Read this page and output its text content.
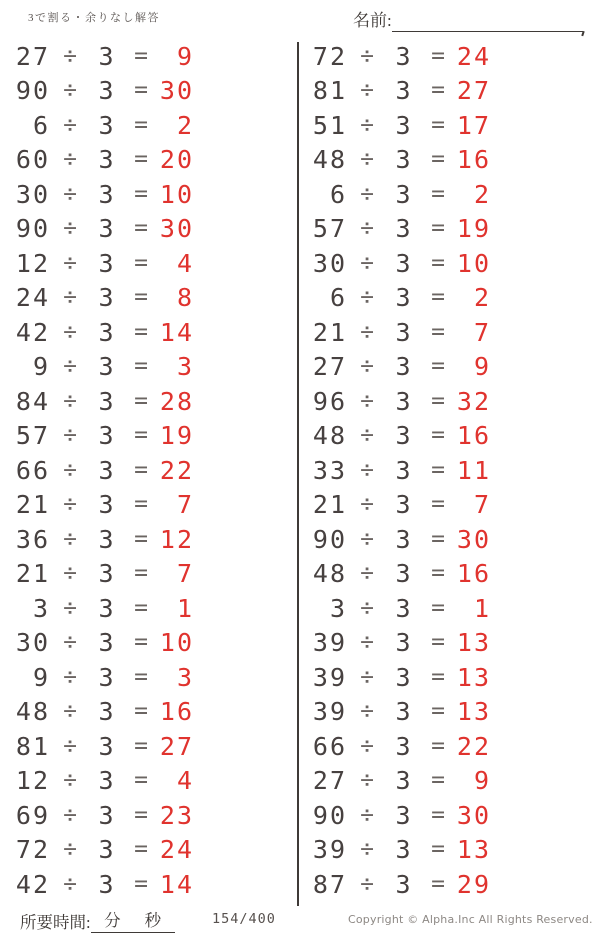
3で割る・余りなし解答	名前:
27 ÷ 3 =	9
90 ÷ 3 = 30
6 ÷ 3 =	2
60 ÷ 3 = 20
30 ÷ 3 = 10
90 ÷ 3 = 30
12 ÷ 3 =	4
24 ÷ 3 =	8
42 ÷ 3 = 14
9 ÷ 3 =	3
84 ÷ 3 = 28
57 ÷ 3 = 19
66 ÷ 3 = 22
21 ÷ 3 =	7
36 ÷ 3 = 12
21 ÷ 3 =	7
3 ÷ 3 =	1
30 ÷ 3 = 10
9 ÷ 3 =	3
48 ÷ 3 = 16
81 ÷ 3 = 27
12 ÷ 3 =	4
69 ÷ 3 = 23
72 ÷ 3 = 24
42 ÷ 3 = 14
72 ÷ 3 = 24
81 ÷ 3 = 27
51 ÷ 3 = 17
48 ÷ 3 = 16
6 ÷ 3 =	2
57 ÷ 3 = 19
30 ÷ 3 = 10
6 ÷ 3 =	2
21 ÷ 3 =	7
27 ÷ 3 =	9
96 ÷ 3 = 32
48 ÷ 3 = 16
33 ÷ 3 = 11
21 ÷ 3 =	7
90 ÷ 3 = 30
48 ÷ 3 = 16
3 ÷ 3 =	1
39 ÷ 3 = 13
39 ÷ 3 = 13
39 ÷ 3 = 13
66 ÷ 3 = 22
27 ÷ 3 =	9
90 ÷ 3 = 30
39 ÷ 3 = 13
87 ÷ 3 = 29
所要時間: 分 秒	154/400	Copyright © Alpha.Inc All Rights Reserved.
